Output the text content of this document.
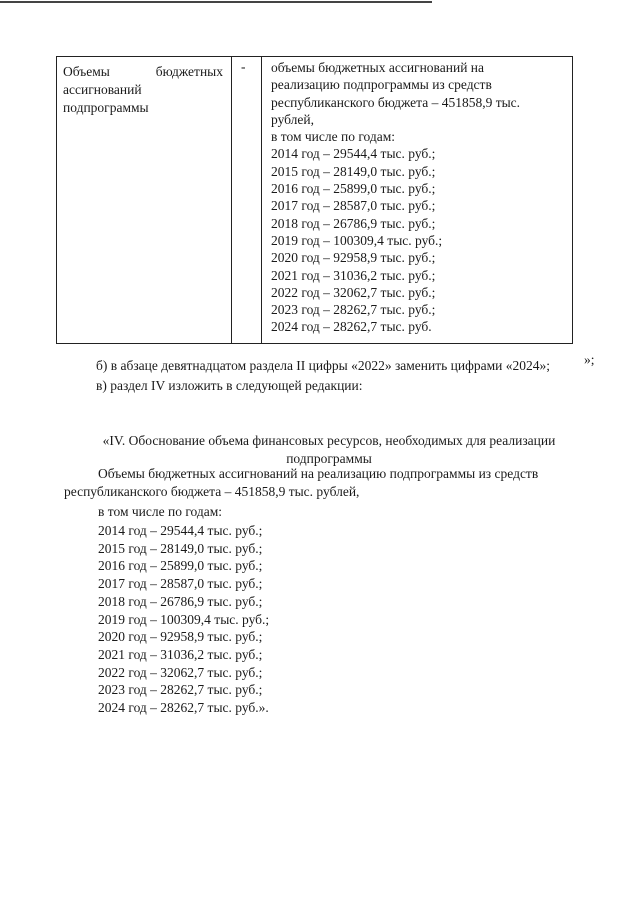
Объемы	бюджетных
ассигнований
подпрограммы
-	объемы бюджетных ассигнований на
реализацию подпрограммы из средств
республиканского бюджета – 451858,9 тыс.
рублей,
в том числе по годам:
2014 год – 29544,4 тыс. руб.;
2015 год – 28149,0 тыс. руб.;
2016 год – 25899,0 тыс. руб.;
2017 год – 28587,0 тыс. руб.;
2018 год – 26786,9 тыс. руб.;
2019 год – 100309,4 тыс. руб.;
2020 год – 92958,9 тыс. руб.;
2021 год – 31036,2 тыс. руб.;
2022 год – 32062,7 тыс. руб.;
2023 год – 28262,7 тыс. руб.;
2024 год – 28262,7 тыс. руб.
»;
б) в абзаце девятнадцатом раздела II цифры «2022» заменить цифрами «2024»;
в) раздел IV изложить в следующей редакции:
«IV. Обоснование объема финансовых ресурсов, необходимых для реализации
подпрограммы
Объемы бюджетных ассигнований на реализацию подпрограммы из средств
республиканского бюджета – 451858,9 тыс. рублей,
в том числе по годам:
2014 год – 29544,4 тыс. руб.;
2015 год – 28149,0 тыс. руб.;
2016 год – 25899,0 тыс. руб.;
2017 год – 28587,0 тыс. руб.;
2018 год – 26786,9 тыс. руб.;
2019 год – 100309,4 тыс. руб.;
2020 год – 92958,9 тыс. руб.;
2021 год – 31036,2 тыс. руб.;
2022 год – 32062,7 тыс. руб.;
2023 год – 28262,7 тыс. руб.;
2024 год – 28262,7 тыс. руб.».
